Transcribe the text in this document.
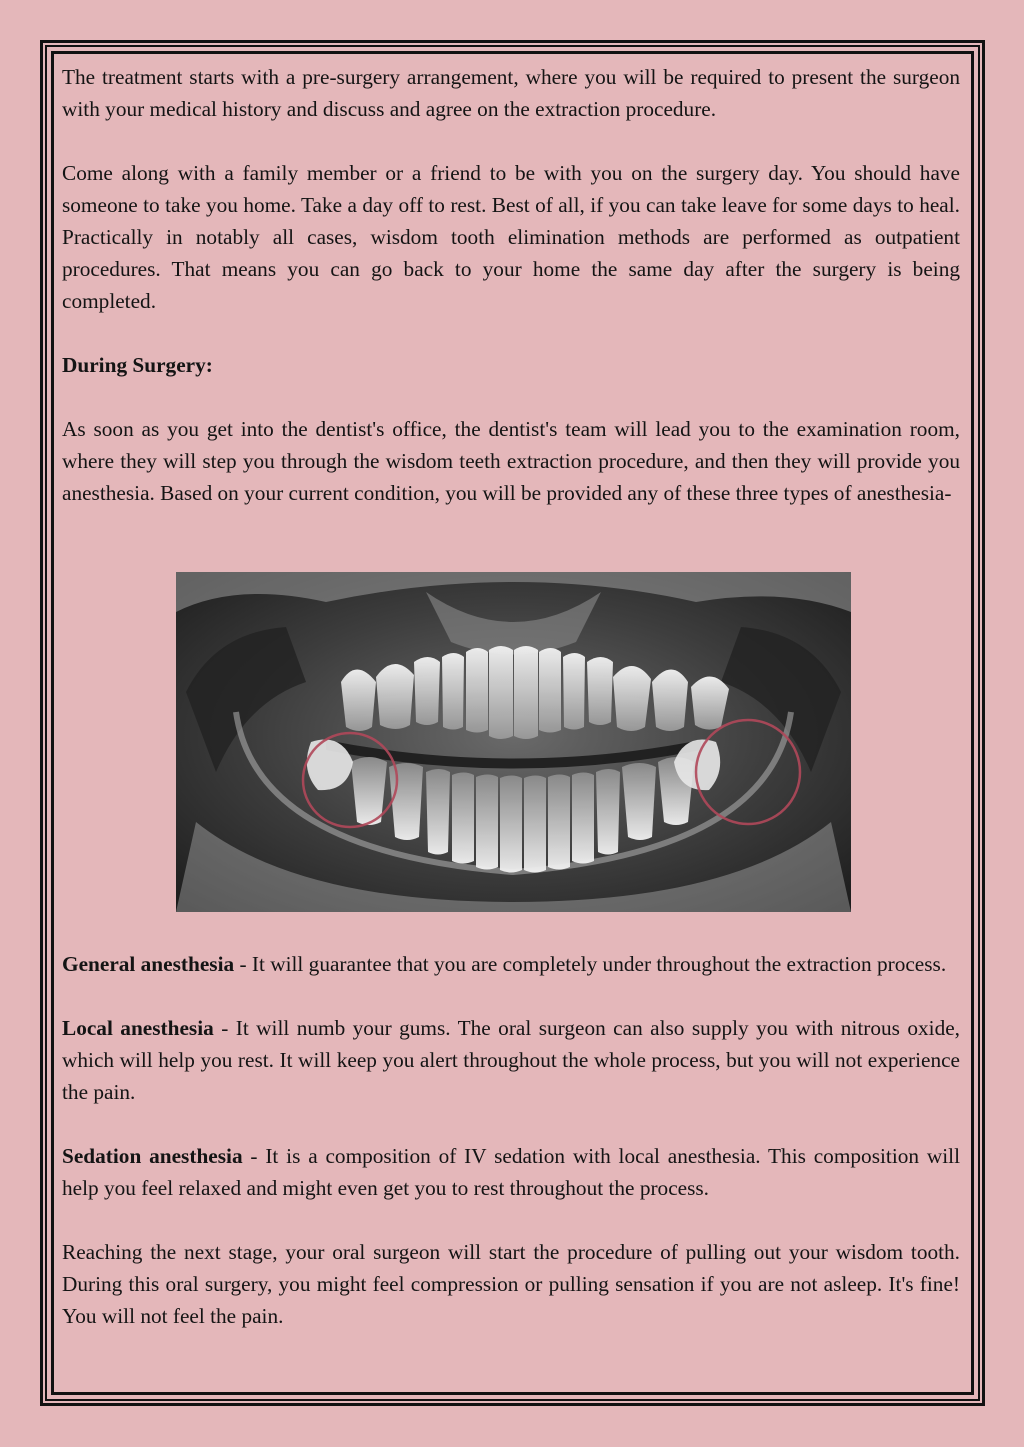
The treatment starts with a pre-surgery arrangement, where you will be required to present the surgeon with your medical history and discuss and agree on the extraction procedure.

Come along with a family member or a friend to be with you on the surgery day. You should have someone to take you home. Take a day off to rest. Best of all, if you can take leave for some days to heal. Practically in notably all cases, wisdom tooth elimination methods are performed as outpatient procedures. That means you can go back to your home the same day after the surgery is being completed.

During Surgery:

As soon as you get into the dentist's office, the dentist's team will lead you to the examination room, where they will step you through the wisdom teeth extraction procedure, and then they will provide you anesthesia. Based on your current condition, you will be provided any of these three types of anesthesia-

General anesthesia - It will guarantee that you are completely under throughout the extraction process.

Local anesthesia - It will numb your gums. The oral surgeon can also supply you with nitrous oxide, which will help you rest. It will keep you alert throughout the whole process, but you will not experience the pain.

Sedation anesthesia - It is a composition of IV sedation with local anesthesia. This composition will help you feel relaxed and might even get you to rest throughout the process.

Reaching the next stage, your oral surgeon will start the procedure of pulling out your wisdom tooth. During this oral surgery, you might feel compression or pulling sensation if you are not asleep. It's fine! You will not feel the pain.
